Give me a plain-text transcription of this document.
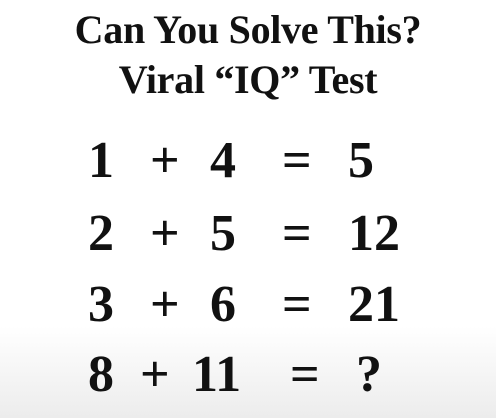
Can You Solve This?
Viral “IQ” Test
1 + 4 = 5
2 + 5 = 12
3 + 6 = 21
8 + 11 = ?
